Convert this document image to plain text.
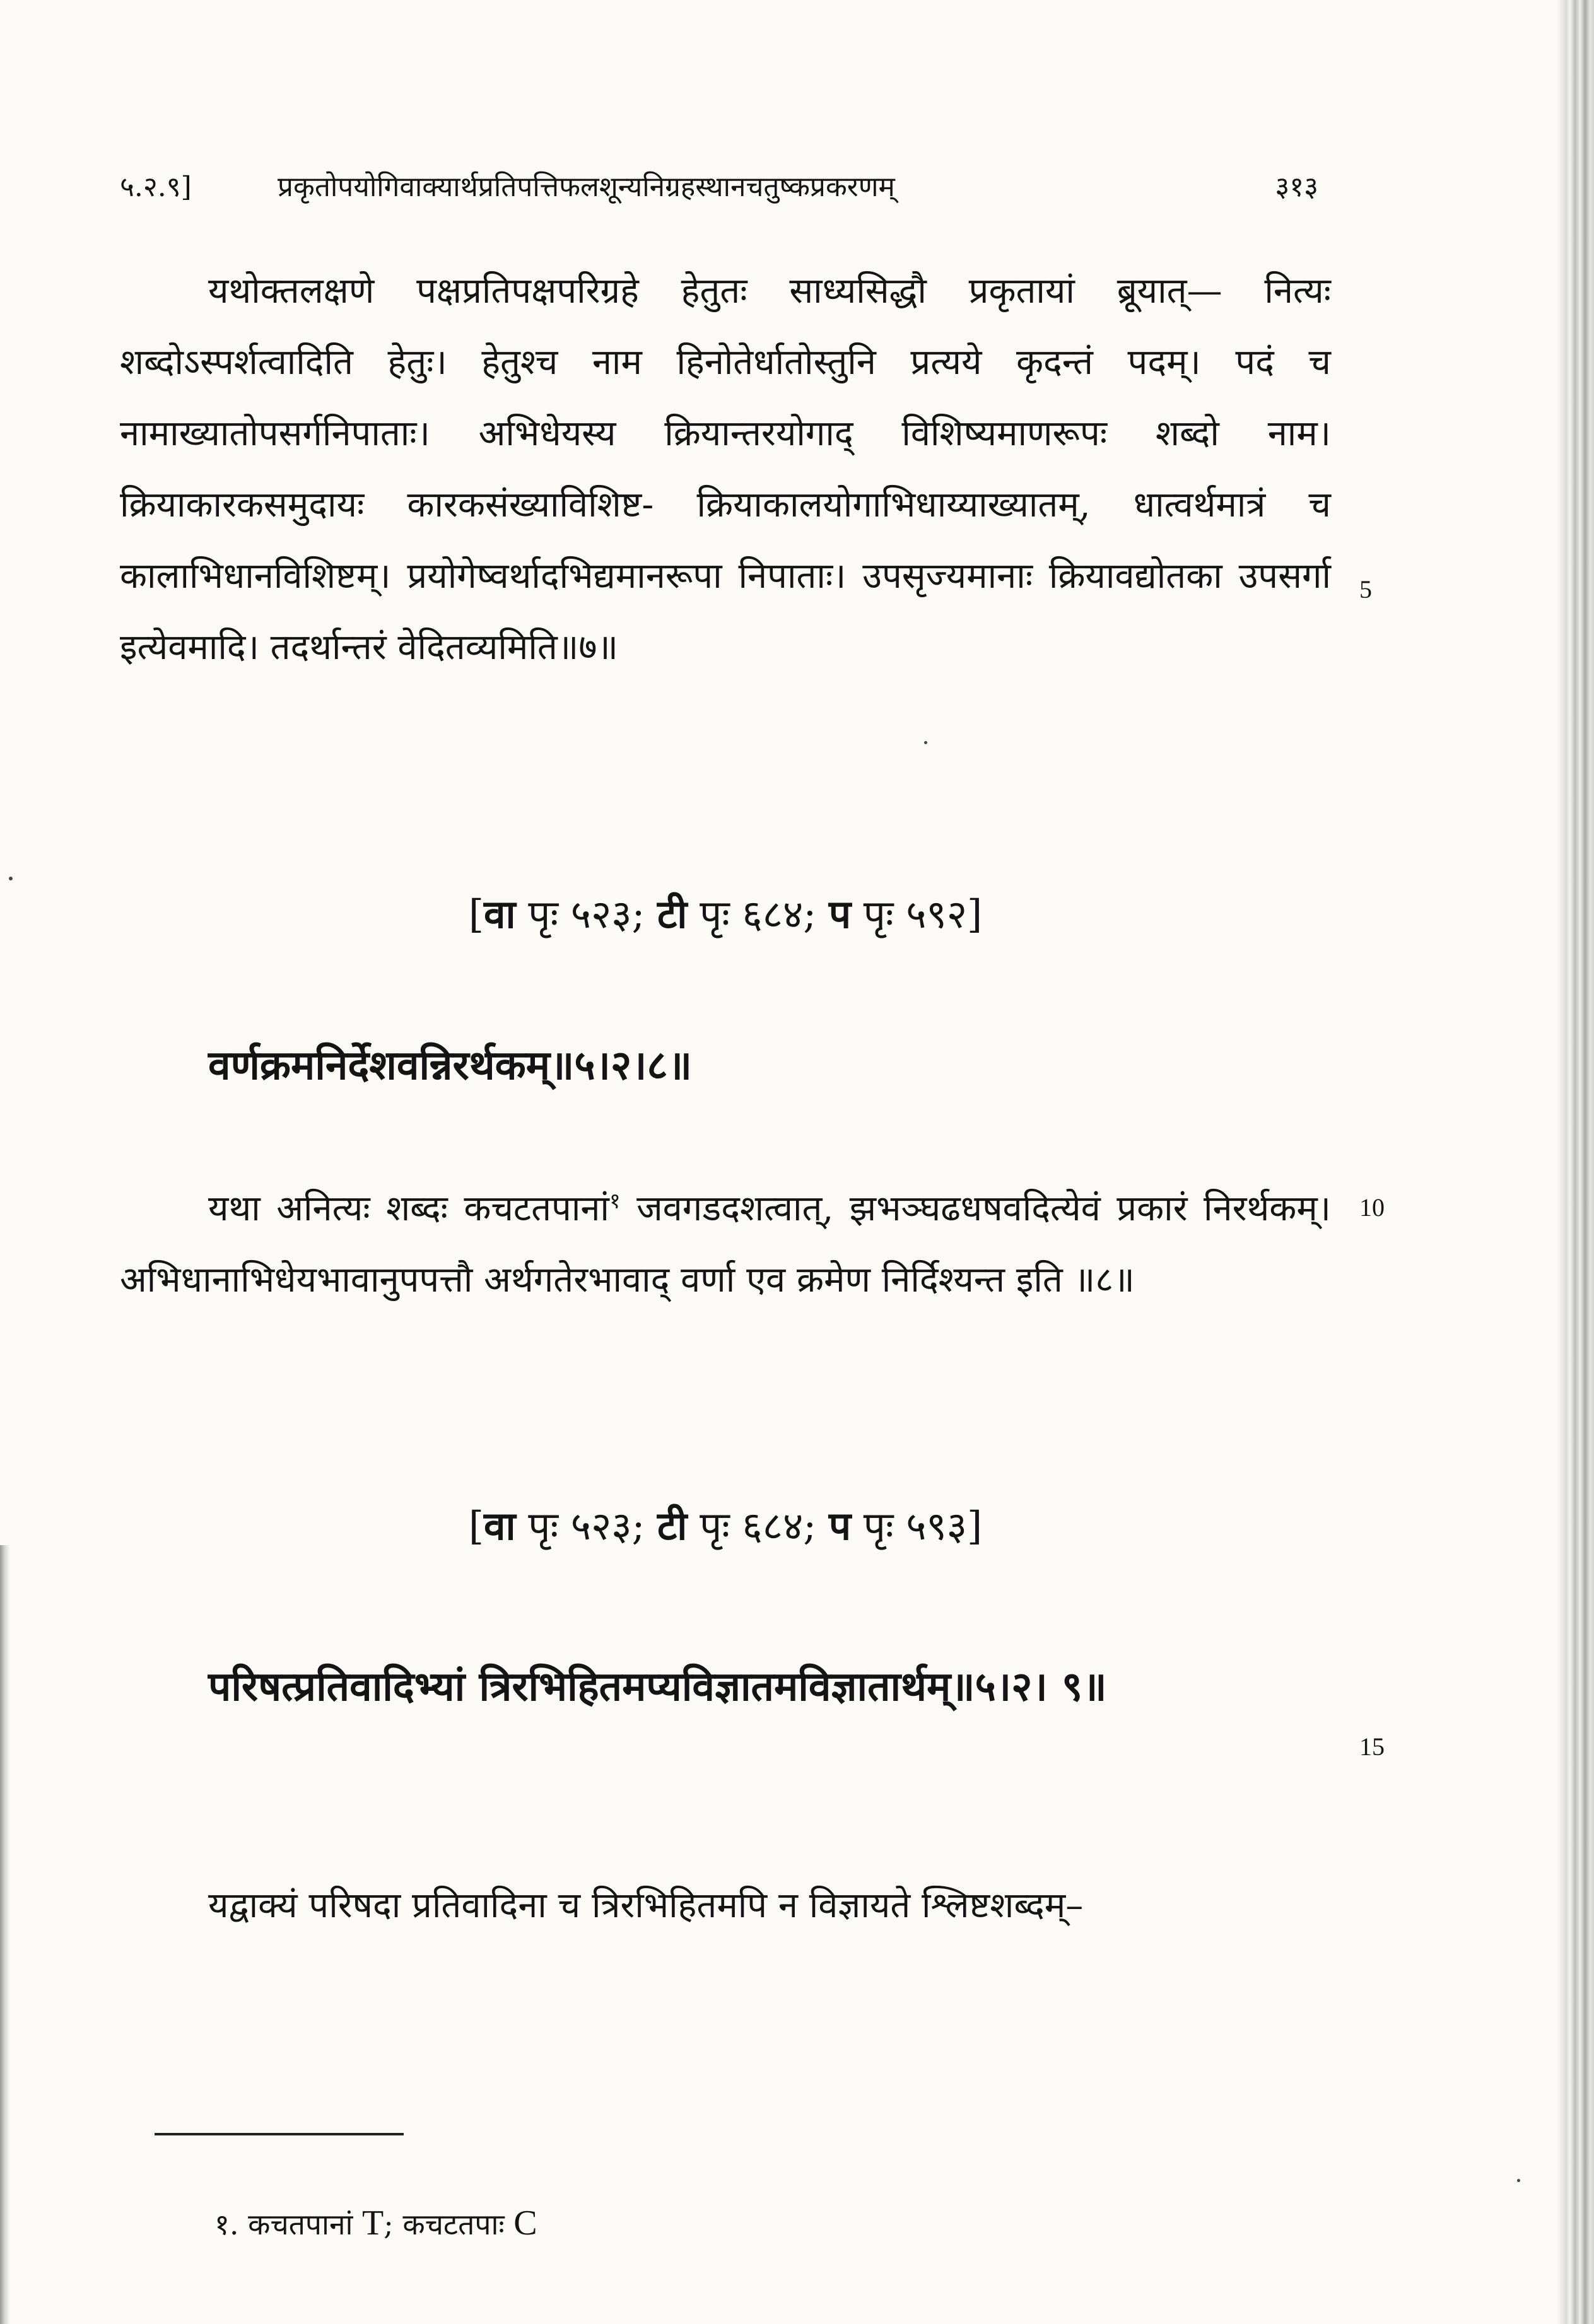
५.२.९]	प्रकृतोपयोगिवाक्यार्थप्रतिपत्तिफलशून्यनिग्रहस्थानचतुष्कप्रकरणम्	३१३

यथोक्तलक्षणे पक्षप्रतिपक्षपरिग्रहे हेतुतः साध्यसिद्धौ प्रकृतायां ब्रूयात्— नित्यः शब्दोऽस्पर्शत्वादिति हेतुः। हेतुश्च नाम हिनोतेर्धातोस्तुनि प्रत्यये कृदन्तं पदम्। पदं च नामाख्यातोपसर्गनिपाताः। अभिधेयस्य क्रियान्तरयोगाद् विशिष्यमाणरूपः शब्दो नाम। क्रियाकारकसमुदायः कारकसंख्याविशिष्ट- क्रियाकालयोगाभिधाय्याख्यातम्, धात्वर्थमात्रं च कालाभिधानविशिष्टम्। प्रयोगेष्वर्थादभिद्यमानरूपा निपाताः। उपसृज्यमानाः क्रियावद्योतका उपसर्गा इत्येवमादि। तदर्थान्तरं वेदितव्यमिति॥७॥

5
[वा पृः ५२३; टी पृः ६८४; प पृः ५९२]
वर्णक्रमनिर्देशवन्निरर्थकम्॥५।२।८॥

यथा अनित्यः शब्दः कचटतपानां$^१$ जवगडदशत्वात्, झभञ्घढधषवदित्येवं प्रकारं निरर्थकम्। अभिधानाभिधेयभावानुपपत्तौ अर्थगतेरभावाद् वर्णा एव क्रमेण निर्दिश्यन्त इति ॥८॥

10
[वा पृः ५२३; टी पृः ६८४; प पृः ५९३]
परिषत्प्रतिवादिभ्यां त्रिरभिहितमप्यविज्ञातमविज्ञातार्थम्॥५।२। ९॥
15

यद्वाक्यं परिषदा प्रतिवादिना च त्रिरभिहितमपि न विज्ञायते श्लिष्टशब्दम्–

१. कचतपानां T; कचटतपाः C
